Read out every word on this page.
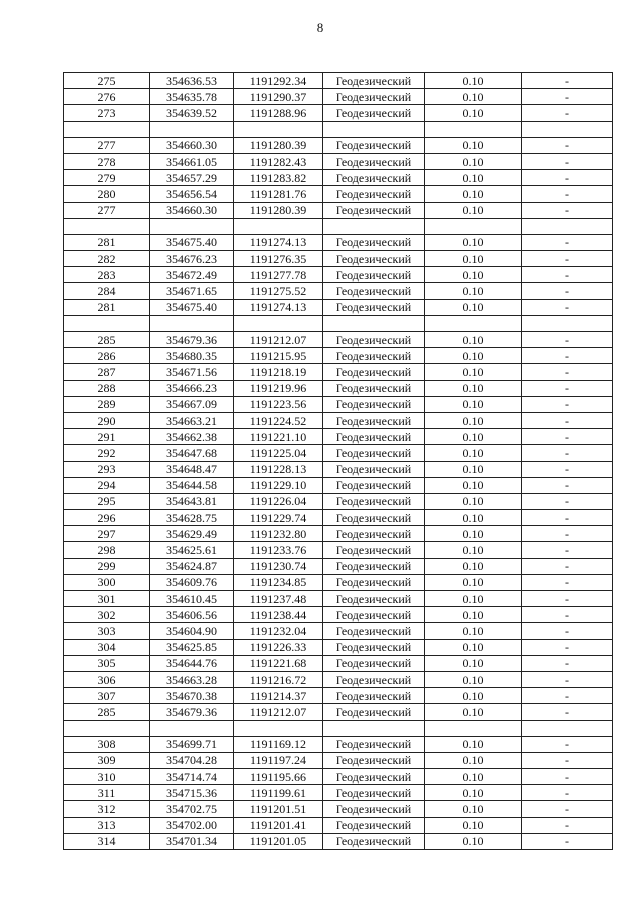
8
275	354636.53	1191292.34	Геодезический	0.10	-
276	354635.78	1191290.37	Геодезический	0.10	-
273	354639.52	1191288.96	Геодезический	0.10	-

277	354660.30	1191280.39	Геодезический	0.10	-
278	354661.05	1191282.43	Геодезический	0.10	-
279	354657.29	1191283.82	Геодезический	0.10	-
280	354656.54	1191281.76	Геодезический	0.10	-
277	354660.30	1191280.39	Геодезический	0.10	-

281	354675.40	1191274.13	Геодезический	0.10	-
282	354676.23	1191276.35	Геодезический	0.10	-
283	354672.49	1191277.78	Геодезический	0.10	-
284	354671.65	1191275.52	Геодезический	0.10	-
281	354675.40	1191274.13	Геодезический	0.10	-

285	354679.36	1191212.07	Геодезический	0.10	-
286	354680.35	1191215.95	Геодезический	0.10	-
287	354671.56	1191218.19	Геодезический	0.10	-
288	354666.23	1191219.96	Геодезический	0.10	-
289	354667.09	1191223.56	Геодезический	0.10	-
290	354663.21	1191224.52	Геодезический	0.10	-
291	354662.38	1191221.10	Геодезический	0.10	-
292	354647.68	1191225.04	Геодезический	0.10	-
293	354648.47	1191228.13	Геодезический	0.10	-
294	354644.58	1191229.10	Геодезический	0.10	-
295	354643.81	1191226.04	Геодезический	0.10	-
296	354628.75	1191229.74	Геодезический	0.10	-
297	354629.49	1191232.80	Геодезический	0.10	-
298	354625.61	1191233.76	Геодезический	0.10	-
299	354624.87	1191230.74	Геодезический	0.10	-
300	354609.76	1191234.85	Геодезический	0.10	-
301	354610.45	1191237.48	Геодезический	0.10	-
302	354606.56	1191238.44	Геодезический	0.10	-
303	354604.90	1191232.04	Геодезический	0.10	-
304	354625.85	1191226.33	Геодезический	0.10	-
305	354644.76	1191221.68	Геодезический	0.10	-
306	354663.28	1191216.72	Геодезический	0.10	-
307	354670.38	1191214.37	Геодезический	0.10	-
285	354679.36	1191212.07	Геодезический	0.10	-

308	354699.71	1191169.12	Геодезический	0.10	-
309	354704.28	1191197.24	Геодезический	0.10	-
310	354714.74	1191195.66	Геодезический	0.10	-
311	354715.36	1191199.61	Геодезический	0.10	-
312	354702.75	1191201.51	Геодезический	0.10	-
313	354702.00	1191201.41	Геодезический	0.10	-
314	354701.34	1191201.05	Геодезический	0.10	-
